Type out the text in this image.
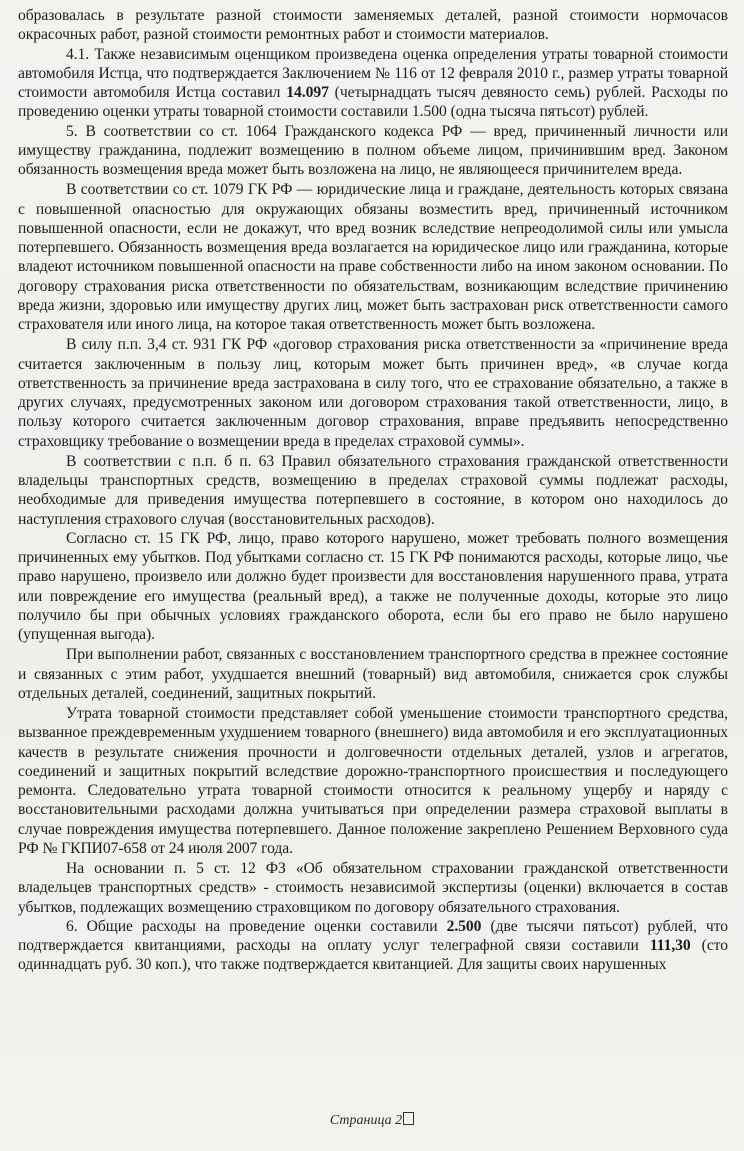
образовалась в результате разной стоимости заменяемых деталей, разной стоимости нормочасов окрасочных работ, разной стоимости ремонтных работ и стоимости материалов.

4.1. Также независимым оценщиком произведена оценка определения утраты товарной стоимости автомобиля Истца, что подтверждается Заключением № 116 от 12 февраля 2010 г., размер утраты товарной стоимости автомобиля Истца составил 14.097 (четырнадцать тысяч девяносто семь) рублей. Расходы по проведению оценки утраты товарной стоимости составили 1.500 (одна тысяча пятьсот) рублей.

5. В соответствии со ст. 1064 Гражданского кодекса РФ — вред, причиненный личности или имуществу гражданина, подлежит возмещению в полном объеме лицом, причинившим вред. Законом обязанность возмещения вреда может быть возложена на лицо, не являющееся причинителем вреда.

В соответствии со ст. 1079 ГК РФ — юридические лица и граждане, деятельность которых связана с повышенной опасностью для окружающих обязаны возместить вред, причиненный источником повышенной опасности, если не докажут, что вред возник вследствие непреодолимой силы или умысла потерпевшего. Обязанность возмещения вреда возлагается на юридическое лицо или гражданина, которые владеют источником повышенной опасности на праве собственности либо на ином законом основании. По договору страхования риска ответственности по обязательствам, возникающим вследствие причинению вреда жизни, здоровью или имуществу других лиц, может быть застрахован риск ответственности самого страхователя или иного лица, на которое такая ответственность может быть возложена.

В силу п.п. 3,4 ст. 931 ГК РФ «договор страхования риска ответственности за «причинение вреда считается заключенным в пользу лиц, которым может быть причинен вред», «в случае когда ответственность за причинение вреда застрахована в силу того, что ее страхование обязательно, а также в других случаях, предусмотренных законом или договором страхования такой ответственности, лицо, в пользу которого считается заключенным договор страхования, вправе предъявить непосредственно страховщику требование о возмещении вреда в пределах страховой суммы».

В соответствии с п.п. б п. 63 Правил обязательного страхования гражданской ответственности владельцы транспортных средств, возмещению в пределах страховой суммы подлежат расходы, необходимые для приведения имущества потерпевшего в состояние, в котором оно находилось до наступления страхового случая (восстановительных расходов).

Согласно ст. 15 ГК РФ, лицо, право которого нарушено, может требовать полного возмещения причиненных ему убытков. Под убытками согласно ст. 15 ГК РФ понимаются расходы, которые лицо, чье право нарушено, произвело или должно будет произвести для восстановления нарушенного права, утрата или повреждение его имущества (реальный вред), а также не полученные доходы, которые это лицо получило бы при обычных условиях гражданского оборота, если бы его право не было нарушено (упущенная выгода).

При выполнении работ, связанных с восстановлением транспортного средства в прежнее состояние и связанных с этим работ, ухудшается внешний (товарный) вид автомобиля, снижается срок службы отдельных деталей, соединений, защитных покрытий.

Утрата товарной стоимости представляет собой уменьшение стоимости транспортного средства, вызванное преждевременным ухудшением товарного (внешнего) вида автомобиля и его эксплуатационных качеств в результате снижения прочности и долговечности отдельных деталей, узлов и агрегатов, соединений и защитных покрытий вследствие дорожно-транспортного происшествия и последующего ремонта. Следовательно утрата товарной стоимости относится к реальному ущербу и наряду с восстановительными расходами должна учитываться при определении размера страховой выплаты в случае повреждения имущества потерпевшего. Данное положение закреплено Решением Верховного суда РФ № ГКПИ07-658 от 24 июля 2007 года.

На основании п. 5 ст. 12 ФЗ «Об обязательном страховании гражданской ответственности владельцев транспортных средств» - стоимость независимой экспертизы (оценки) включается в состав убытков, подлежащих возмещению страховщиком по договору обязательного страхования.

6. Общие расходы на проведение оценки составили 2.500 (две тысячи пятьсот) рублей, что подтверждается квитанциями, расходы на оплату услуг телеграфной связи составили 111,30 (сто одиннадцать руб. 30 коп.), что также подтверждается квитанцией. Для защиты своих нарушенных

Страница 2
